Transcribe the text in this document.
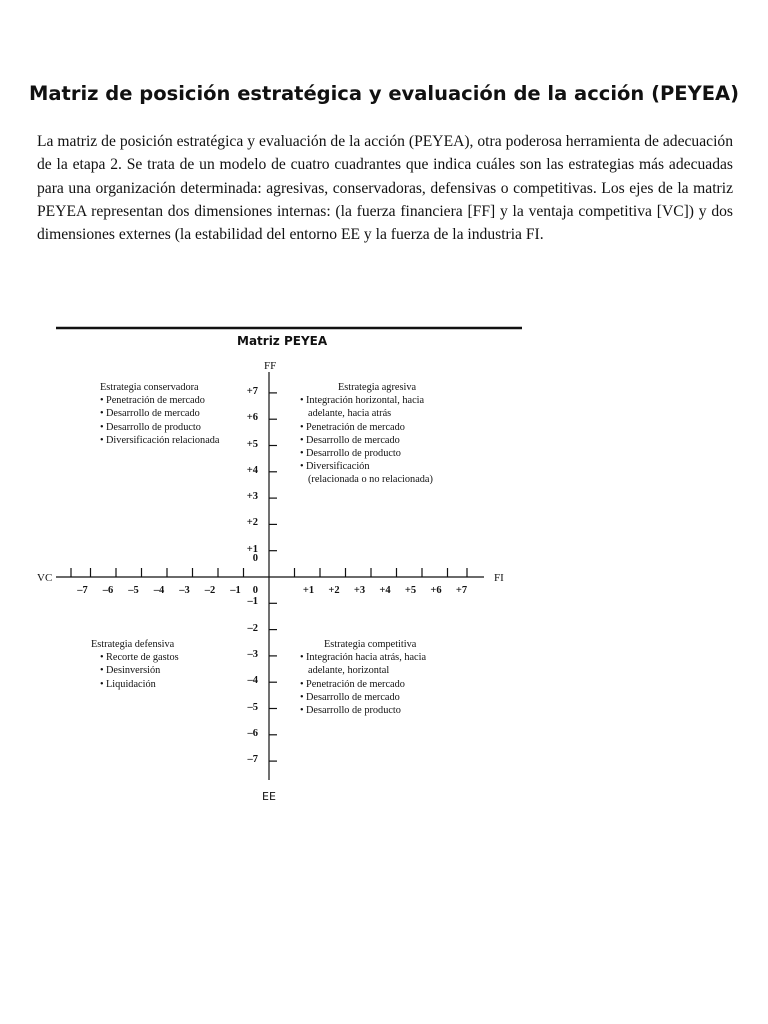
Matriz de posición estratégica y evaluación de la acción (PEYEA)

La matriz de posición estratégica y evaluación de la acción (PEYEA), otra poderosa herramienta de adecuación de la etapa 2. Se trata de un modelo de cuatro cuadrantes que indica cuáles son las estrategias más adecuadas para una organización determinada: agresivas, conservadoras, defensivas o competitivas. Los ejes de la matriz PEYEA representan dos dimensiones internas: (la fuerza financiera [FF] y la ventaja competitiva [VC]) y dos dimensiones externes (la estabilidad del entorno EE y la fuerza de la industria FI.

Matriz PEYEA
FF
EE
VC	FI
0
0
+7
+6
+5
+4
+3
+2
+1
–1
–2
–3
–4
–5
–6
–7
–7	–6	–5	–4	–3	–2	–1	+1	+2	+3	+4	+5	+6	+7
Estrategia conservadora
• Penetración de mercado
• Desarrollo de mercado
• Desarrollo de producto
• Diversificación relacionada
Estrategia agresiva
• Integración horizontal, hacia
adelante, hacia atrás
• Penetración de mercado
• Desarrollo de mercado
• Desarrollo de producto
• Diversificación
(relacionada o no relacionada)
Estrategia defensiva
• Recorte de gastos
• Desinversión
• Liquidación
Estrategia competitiva
• Integración hacia atrás, hacia
adelante, horizontal
• Penetración de mercado
• Desarrollo de mercado
• Desarrollo de producto
